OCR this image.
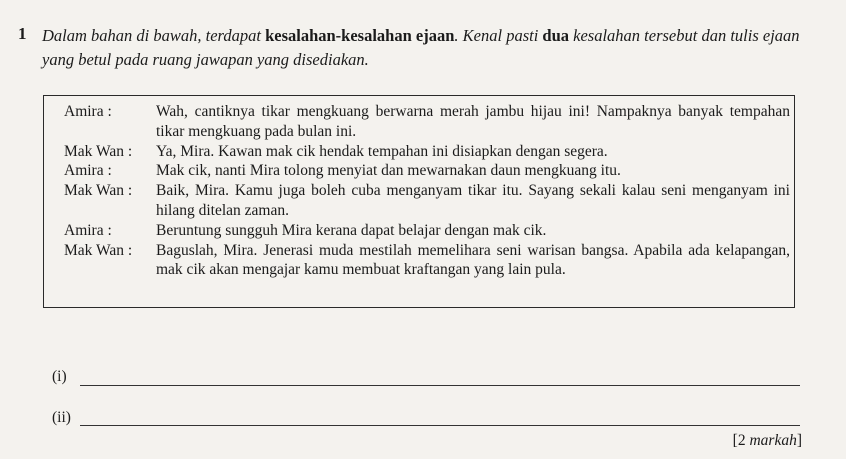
1 Dalam bahan di bawah, terdapat kesalahan-kesalahan ejaan. Kenal pasti dua kesalahan tersebut dan tulis ejaan yang betul pada ruang jawapan yang disediakan.
Amira :	Wah, cantiknya tikar mengkuang berwarna merah jambu hijau ini! Nampaknya banyak tempahan tikar mengkuang pada bulan ini.
Mak Wan :	Ya, Mira. Kawan mak cik hendak tempahan ini disiapkan dengan segera.
Amira :	Mak cik, nanti Mira tolong menyiat dan mewarnakan daun mengkuang itu.
Mak Wan :	Baik, Mira. Kamu juga boleh cuba menganyam tikar itu. Sayang sekali kalau seni menganyam ini hilang ditelan zaman.
Amira :	Beruntung sungguh Mira kerana dapat belajar dengan mak cik.
Mak Wan :	Baguslah, Mira. Jenerasi muda mestilah memelihara seni warisan bangsa. Apabila ada kelapangan, mak cik akan mengajar kamu membuat kraftangan yang lain pula.
(i)
(ii)
[2 markah]
